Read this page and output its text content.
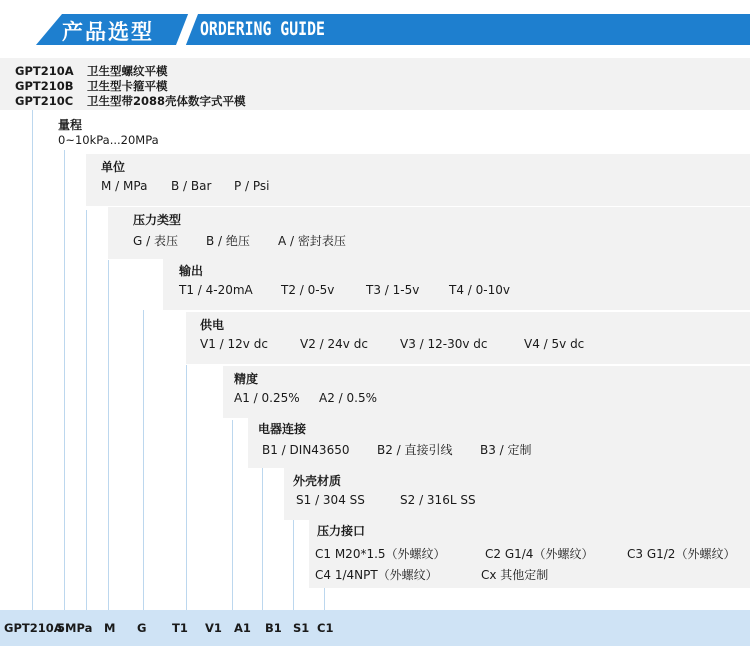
产品选型 ORDERING GUIDE
GPT210A 卫生型螺纹平模
GPT210B 卫生型卡箍平模
GPT210C 卫生型带2088壳体数字式平模
量程
0~10kPa...20MPa
单位
M / MPa B / Bar P / Psi
压力类型
G / 表压 B / 绝压 A / 密封表压
输出
T1 / 4-20mA T2 / 0-5v	T3 / 1-5v T4 / 0-10v
供电
V1 / 12v dc	V2 / 24v dc	V3 / 12-30v dc	V4 / 5v dc
精度
A1 / 0.25% A2 / 0.5%
电器连接
B1 / DIN43650 B2 / 直接引线 B3 / 定制
外壳材质
S1 / 304 SS	S2 / 316L SS
压力接口
C1 M20*1.5（外螺纹）	C2 G1/4（外螺纹）	C3 G1/2（外螺纹）
C4 1/4NPT（外螺纹）	Cx 其他定制
GPT210A
5MPa M G T1 V1 A1 B1 S1 C1
